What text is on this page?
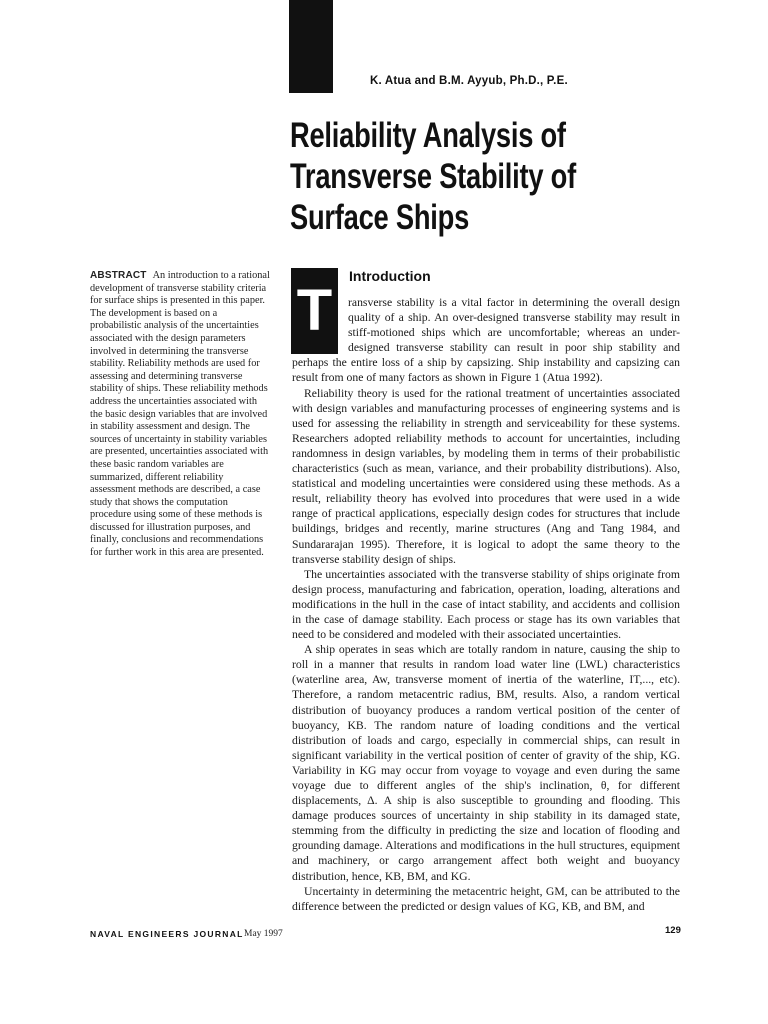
K. Atua and B.M. Ayyub, Ph.D., P.E.
Reliability Analysis of
Transverse Stability of
Surface Ships

ABSTRACT An introduction to a rational development of transverse stability criteria for surface ships is presented in this paper. The development is based on a probabilistic analysis of the uncertainties associated with the design parameters involved in determining the transverse stability. Reliability methods are used for assessing and determining transverse stability of ships. These reliability methods address the uncertainties associated with the basic design variables that are involved in stability assessment and design. The sources of uncertainty in stability variables are presented, uncertainties associated with these basic random variables are summarized, different reliability assessment methods are described, a case study that shows the computation procedure using some of these methods is discussed for illustration purposes, and finally, conclusions and recommendations for further work in this area are presented.

T
Introduction

ransverse stability is a vital factor in determining the overall design quality of a ship. An over-designed transverse stability may result in stiff-motioned ships which are uncomfortable; whereas an under-designed transverse stability can result in poor ship stability and perhaps the entire loss of a ship by capsizing. Ship instability and capsizing can result from one of many factors as shown in Figure 1 (Atua 1992).

Reliability theory is used for the rational treatment of uncertainties associated with design variables and manufacturing processes of engineering systems and is used for assessing the reliability in strength and serviceability for these systems. Researchers adopted reliability methods to account for uncertainties, including randomness in design variables, by modeling them in terms of their probabilistic characteristics (such as mean, variance, and their probability distributions). Also, statistical and modeling uncertainties were considered using these methods. As a result, reliability theory has evolved into procedures that were used in a wide range of practical applications, especially design codes for structures that include buildings, bridges and recently, marine structures (Ang and Tang 1984, and Sundararajan 1995). Therefore, it is logical to adopt the same theory to the transverse stability design of ships.

The uncertainties associated with the transverse stability of ships originate from design process, manufacturing and fabrication, operation, loading, alterations and modifications in the hull in the case of intact stability, and accidents and collision in the case of damage stability. Each process or stage has its own variables that need to be considered and modeled with their associated uncertainties.

A ship operates in seas which are totally random in nature, causing the ship to roll in a manner that results in random load water line (LWL) characteristics (waterline area, Aw, transverse moment of inertia of the waterline, IT,..., etc). Therefore, a random metacentric radius, BM, results. Also, a random vertical distribution of buoyancy produces a random vertical position of the center of buoyancy, KB. The random nature of loading conditions and the vertical distribution of loads and cargo, especially in commercial ships, can result in significant variability in the vertical position of center of gravity of the ship, KG. Variability in KG may occur from voyage to voyage and even during the same voyage due to different angles of the ship's inclination, θ, for different displacements, Δ. A ship is also susceptible to grounding and flooding. This damage produces sources of uncertainty in ship stability in its damaged state, stemming from the difficulty in predicting the size and location of flooding and grounding damage. Alterations and modifications in the hull structures, equipment and machinery, or cargo arrangement affect both weight and buoyancy distribution, hence, KB, BM, and KG.

Uncertainty in determining the metacentric height, GM, can be attributed to the difference between the predicted or design values of KG, KB, and BM, and

NAVAL ENGINEERS JOURNAL May 1997	129
